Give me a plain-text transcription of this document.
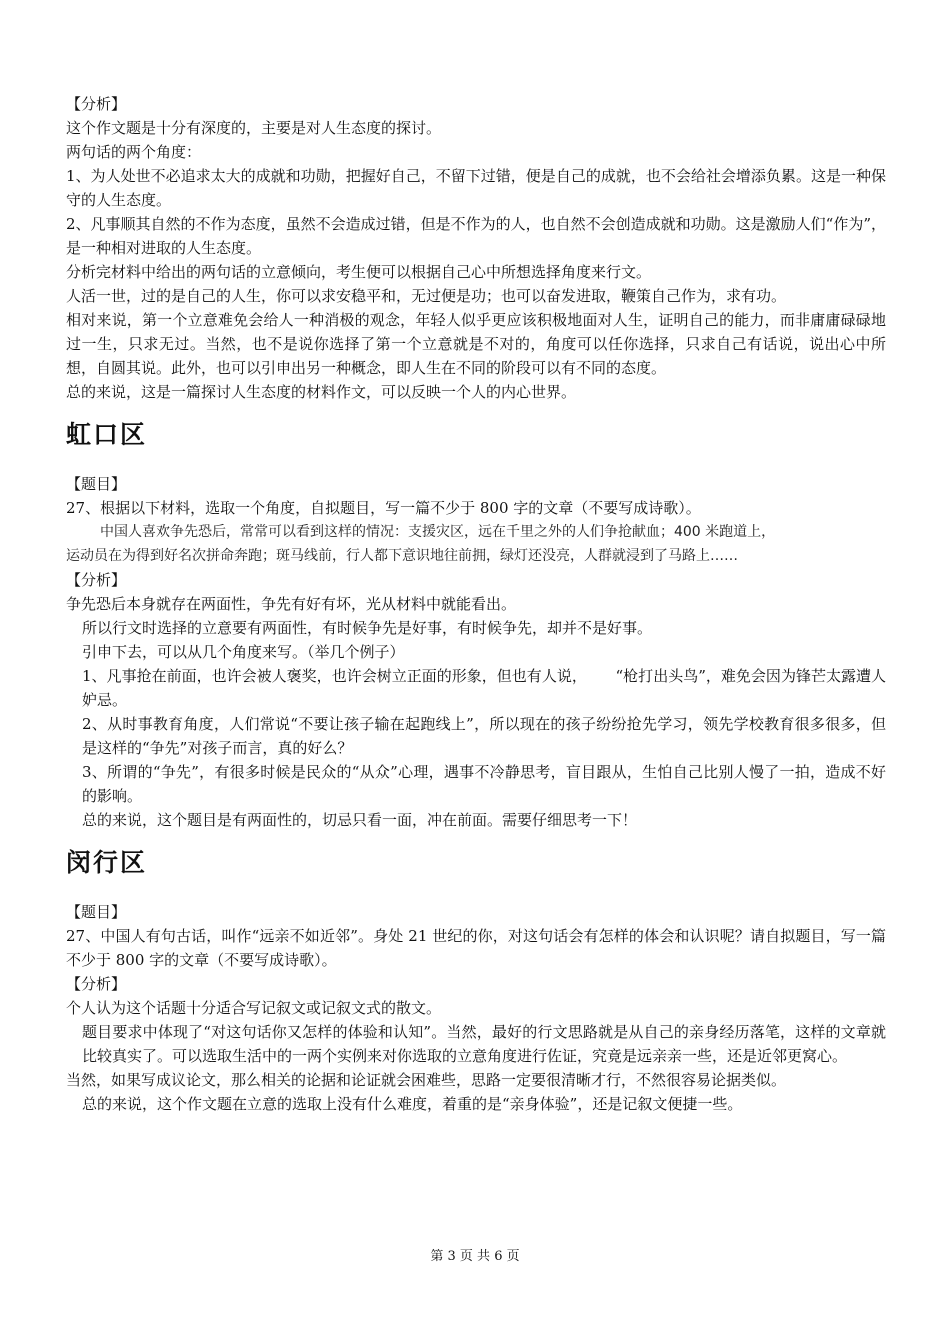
【分析】

这个作文题是十分有深度的，主要是对人生态度的探讨。

两句话的两个角度：

1、为人处世不必追求太大的成就和功勋，把握好自己，不留下过错，便是自己的成就，也不会给社会增添负累。这是一种保守的人生态度。

2、凡事顺其自然的不作为态度，虽然不会造成过错，但是不作为的人，也自然不会创造成就和功勋。这是激励人们“作为”，是一种相对进取的人生态度。

分析完材料中给出的两句话的立意倾向，考生便可以根据自己心中所想选择角度来行文。

人活一世，过的是自己的人生，你可以求安稳平和，无过便是功；也可以奋发进取，鞭策自己作为，求有功。

相对来说，第一个立意难免会给人一种消极的观念，年轻人似乎更应该积极地面对人生，证明自己的能力，而非庸庸碌碌地过一生，只求无过。当然，也不是说你选择了第一个立意就是不对的，角度可以任你选择，只求自己有话说，说出心中所想，自圆其说。此外，也可以引申出另一种概念，即人生在不同的阶段可以有不同的态度。

总的来说，这是一篇探讨人生态度的材料作文，可以反映一个人的内心世界。

虹口区

【题目】

27、根据以下材料，选取一个角度，自拟题目，写一篇不少于 800 字的文章（不要写成诗歌）。

中国人喜欢争先恐后，常常可以看到这样的情况：支援灾区，远在千里之外的人们争抢献血；400 米跑道上，

运动员在为得到好名次拼命奔跑；斑马线前，行人都下意识地往前拥，绿灯还没亮，人群就浸到了马路上……

【分析】

争先恐后本身就存在两面性，争先有好有坏，光从材料中就能看出。

所以行文时选择的立意要有两面性，有时候争先是好事，有时候争先，却并不是好事。

引申下去，可以从几个角度来写。（举几个例子）

1、凡事抢在前面，也许会被人褒奖，也许会树立正面的形象，但也有人说，      “枪打出头鸟”，难免会因为锋芒太露遭人妒忌。

2、从时事教育角度，人们常说“不要让孩子输在起跑线上”，所以现在的孩子纷纷抢先学习，领先学校教育很多很多，但是这样的“争先”对孩子而言，真的好么？

3、所谓的“争先”，有很多时候是民众的“从众”心理，遇事不冷静思考，盲目跟从，生怕自己比别人慢了一拍，造成不好的影响。

总的来说，这个题目是有两面性的，切忌只看一面，冲在前面。需要仔细思考一下！

闵行区

【题目】

27、中国人有句古话，叫作“远亲不如近邻”。身处 21 世纪的你，对这句话会有怎样的体会和认识呢？请自拟题目，写一篇不少于 800 字的文章（不要写成诗歌）。

【分析】

个人认为这个话题十分适合写记叙文或记叙文式的散文。

题目要求中体现了“对这句话你又怎样的体验和认知”。当然，最好的行文思路就是从自己的亲身经历落笔，这样的文章就比较真实了。可以选取生活中的一两个实例来对你选取的立意角度进行佐证，究竟是远亲亲一些，还是近邻更窝心。

当然，如果写成议论文，那么相关的论据和论证就会困难些，思路一定要很清晰才行，不然很容易论据类似。

总的来说，这个作文题在立意的选取上没有什么难度，着重的是“亲身体验”，还是记叙文便捷一些。

第 3 页 共 6 页
